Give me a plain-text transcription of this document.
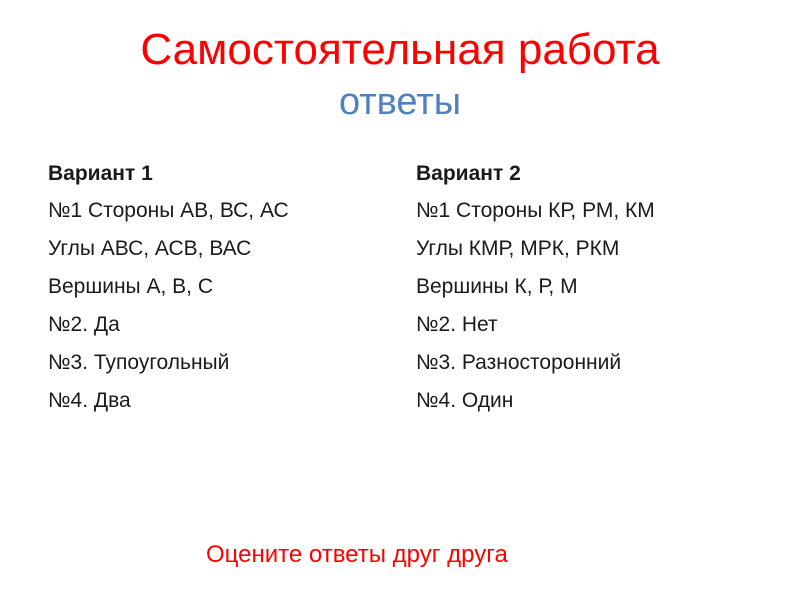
Самостоятельная работа
ответы
Вариант 1
№1 Стороны АВ, ВС, АС
Углы АВС, АСВ, ВАС
Вершины А, В, С
№2. Да
№3. Тупоугольный
№4. Два
Вариант 2
№1 Стороны КР, РМ, КМ
Углы КМР, МРК, РКМ
Вершины К, Р, М
№2. Нет
№3. Разносторонний
№4. Один
Оцените ответы друг друга
